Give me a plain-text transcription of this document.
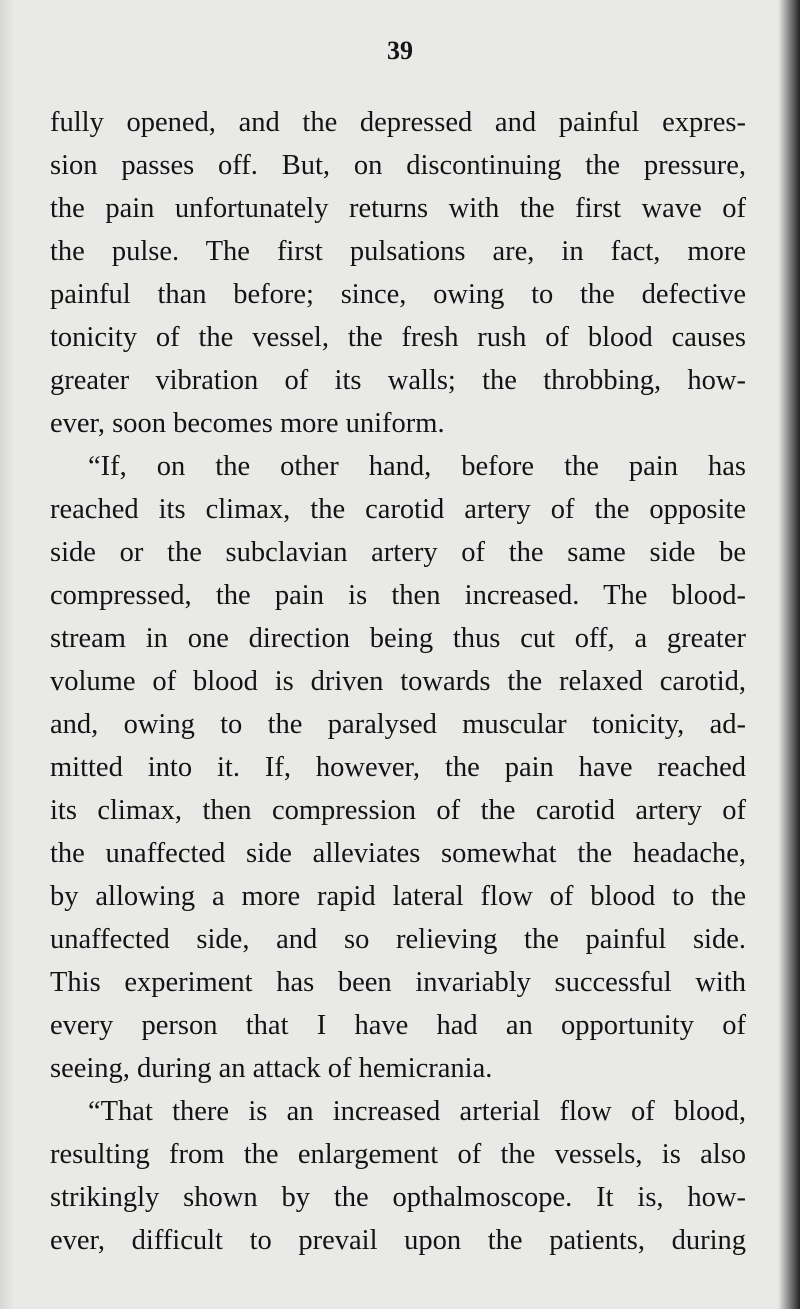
39
fully opened, and the depressed and painful expres-
sion passes off. But, on discontinuing the pressure,
the pain unfortunately returns with the first wave of
the pulse. The first pulsations are, in fact, more
painful than before; since, owing to the defective
tonicity of the vessel, the fresh rush of blood causes
greater vibration of its walls; the throbbing, how-
ever, soon becomes more uniform.
“If, on the other hand, before the pain has
reached its climax, the carotid artery of the opposite
side or the subclavian artery of the same side be
compressed, the pain is then increased. The blood-
stream in one direction being thus cut off, a greater
volume of blood is driven towards the relaxed carotid,
and, owing to the paralysed muscular tonicity, ad-
mitted into it. If, however, the pain have reached
its climax, then compression of the carotid artery of
the unaffected side alleviates somewhat the headache,
by allowing a more rapid lateral flow of blood to the
unaffected side, and so relieving the painful side.
This experiment has been invariably successful with
every person that I have had an opportunity of
seeing, during an attack of hemicrania.
“That there is an increased arterial flow of blood,
resulting from the enlargement of the vessels, is also
strikingly shown by the opthalmoscope. It is, how-
ever, difficult to prevail upon the patients, during
